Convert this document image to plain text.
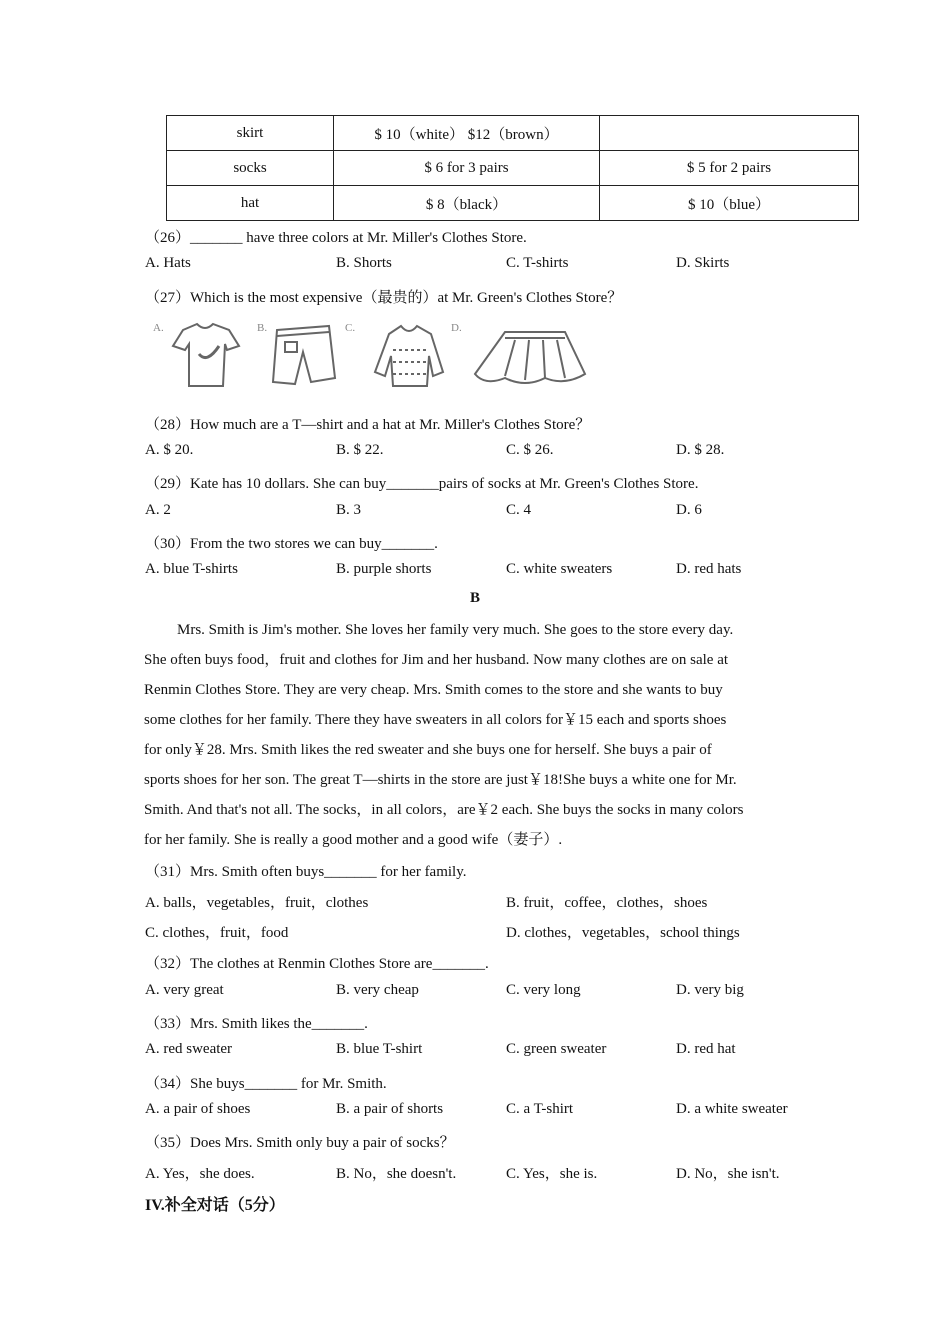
skirt	$ 10（white） $12（brown）	
socks	$ 6 for 3 pairs	$ 5 for 2 pairs
hat	$ 8（black）	$ 10（blue）
（26）_______ have three colors at Mr. Miller's Clothes Store.
A. Hats	B. Shorts	C. T-shirts	D. Skirts
（27）Which is the most expensive（最贵的）at Mr. Green's Clothes Store？
A.	B.	C.	D.
（28）How much are a T—shirt and a hat at Mr. Miller's Clothes Store？
A. $ 20.	B. $ 22.	C. $ 26.	D. $ 28.
（29）Kate has 10 dollars. She can buy_______pairs of socks at Mr. Green's Clothes Store.
A. 2	B. 3	C. 4	D. 6
（30）From the two stores we can buy_______.
A. blue T-shirts	B. purple shorts	C. white sweaters	D. red hats
B
Mrs. Smith is Jim's mother. She loves her family very much. She goes to the store every day.
She often buys food，fruit and clothes for Jim and her husband. Now many clothes are on sale at
Renmin Clothes Store. They are very cheap. Mrs. Smith comes to the store and she wants to buy
some clothes for her family. There they have sweaters in all colors for￥15 each and sports shoes
for only￥28. Mrs. Smith likes the red sweater and she buys one for herself. She buys a pair of
sports shoes for her son. The great T—shirts in the store are just￥18!She buys a white one for Mr.
Smith. And that's not all. The socks，in all colors，are￥2 each. She buys the socks in many colors
for her family. She is really a good mother and a good wife（妻子）.
（31）Mrs. Smith often buys_______ for her family.
A. balls，vegetables，fruit，clothes	B. fruit，coffee，clothes，shoes
C. clothes，fruit，food	D. clothes，vegetables，school things
（32）The clothes at Renmin Clothes Store are_______.
A. very great	B. very cheap	C. very long	D. very big
（33）Mrs. Smith likes the_______.
A. red sweater	B. blue T-shirt	C. green sweater	D. red hat
（34）She buys_______ for Mr. Smith.
A. a pair of shoes	B. a pair of shorts	C. a T-shirt	D. a white sweater
（35）Does Mrs. Smith only buy a pair of socks？
A. Yes，she does.	B. No，she doesn't.	C. Yes，she is.	D. No，she isn't.
IV.补全对话（5分）
